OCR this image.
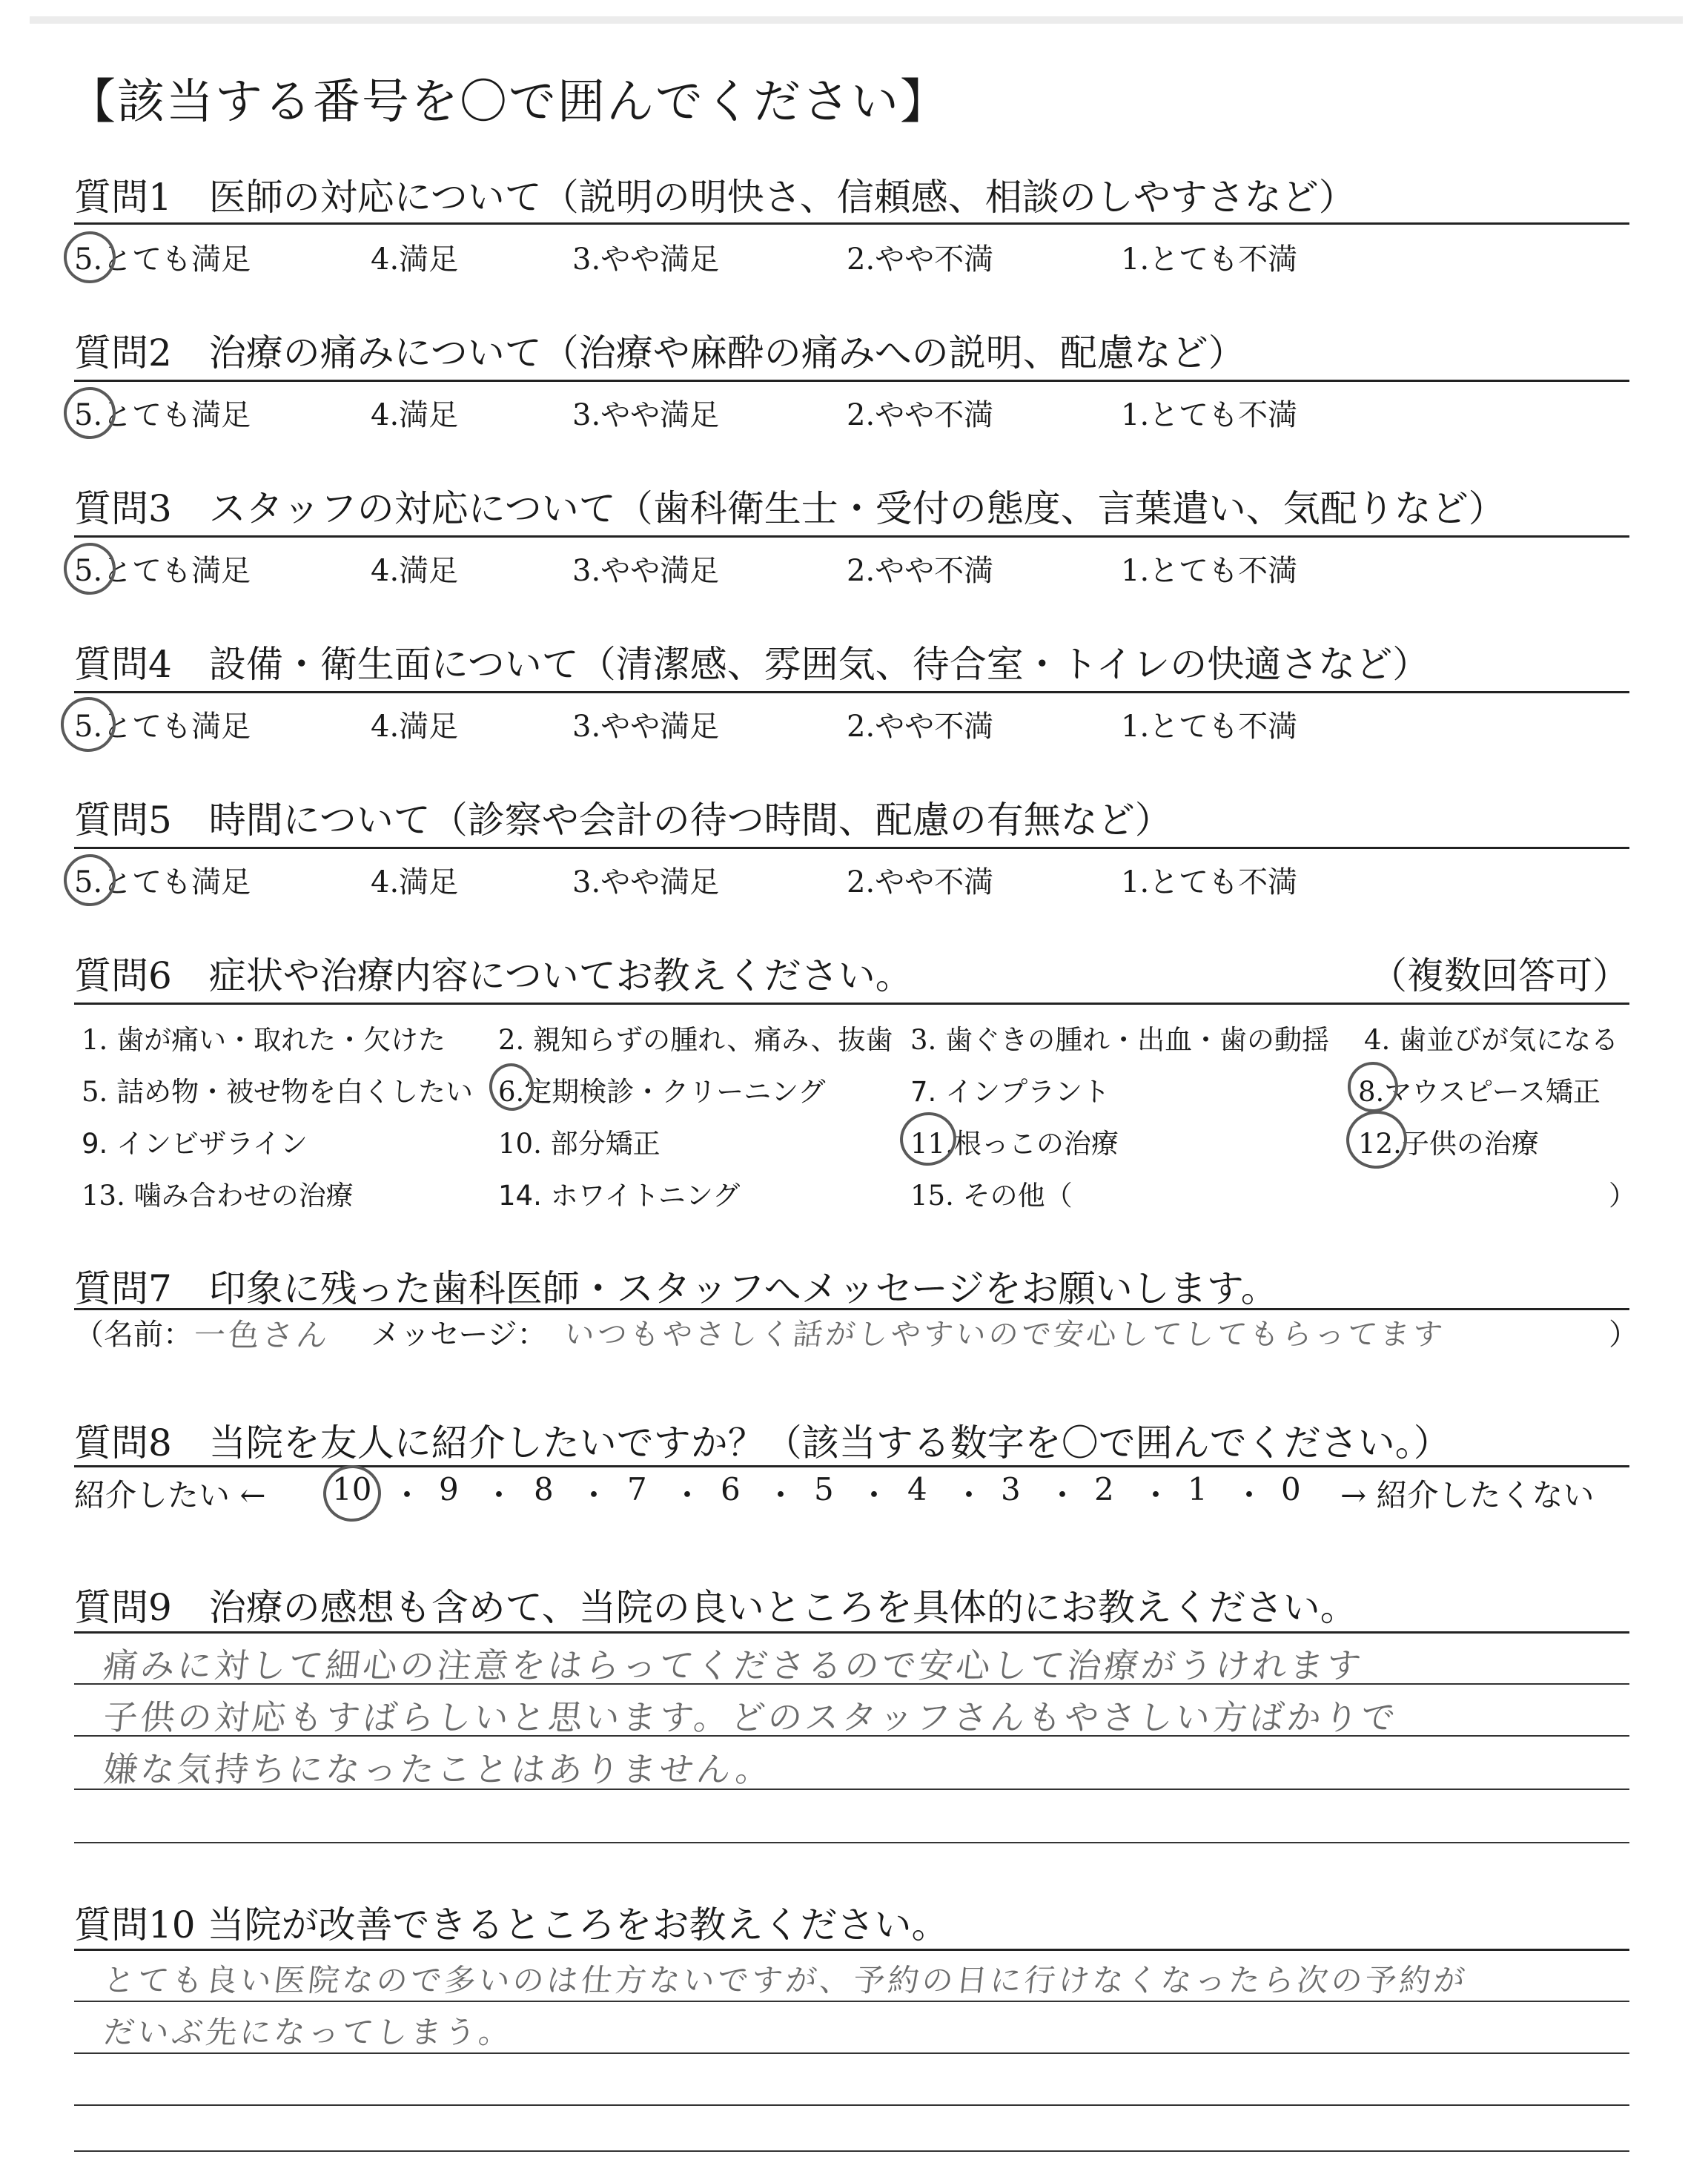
【該当する番号を〇で囲んでください】
質問1　医師の対応について（説明の明快さ、信頼感、相談のしやすさなど）
5.とても満足	4.満足	3.やや満足	2.やや不満	1.とても不満
質問2　治療の痛みについて（治療や麻酔の痛みへの説明、配慮など）
5.とても満足	4.満足	3.やや満足	2.やや不満	1.とても不満
質問3　スタッフの対応について（歯科衛生士・受付の態度、言葉遣い、気配りなど）
5.とても満足	4.満足	3.やや満足	2.やや不満	1.とても不満
質問4　設備・衛生面について（清潔感、雰囲気、待合室・トイレの快適さなど）
5.とても満足	4.満足	3.やや満足	2.やや不満	1.とても不満
質問5　時間について（診察や会計の待つ時間、配慮の有無など）
5.とても満足	4.満足	3.やや満足	2.やや不満	1.とても不満
質問6　症状や治療内容についてお教えください。	（複数回答可）
1. 歯が痛い・取れた・欠けた 2. 親知らずの腫れ、痛み、抜歯 3. 歯ぐきの腫れ・出血・歯の動揺 4. 歯並びが気になる
5. 詰め物・被せ物を白くしたい 6.定期検診・クリーニング	7. インプラント	8.マウスピース矯正
9. インビザライン	10. 部分矯正	11.根っこの治療	12.子供の治療
13. 噛み合わせの治療	14. ホワイトニング	15. その他（	）
質問7　印象に残った歯科医師・スタッフへメッセージをお願いします。
（名前： 一色さん メッセージ： いつもやさしく話がしやすいので安心してしてもらってます	）
質問8　当院を友人に紹介したいですか？（該当する数字を〇で囲んでください。）
紹介したい ← 10 ・ 9 ・ 8 ・ 7 ・ 6 ・ 5 ・ 4 ・ 3 ・ 2 ・ 1 ・ 0 → 紹介したくない
質問9　治療の感想も含めて、当院の良いところを具体的にお教えください。
痛みに対して細心の注意をはらってくださるので安心して治療がうけれます
子供の対応もすばらしいと思います。どのスタッフさんもやさしい方ばかりで
嫌な気持ちになったことはありません。
質問10 当院が改善できるところをお教えください。
とても良い医院なので多いのは仕方ないですが、予約の日に行けなくなったら次の予約が
だいぶ先になってしまう。
